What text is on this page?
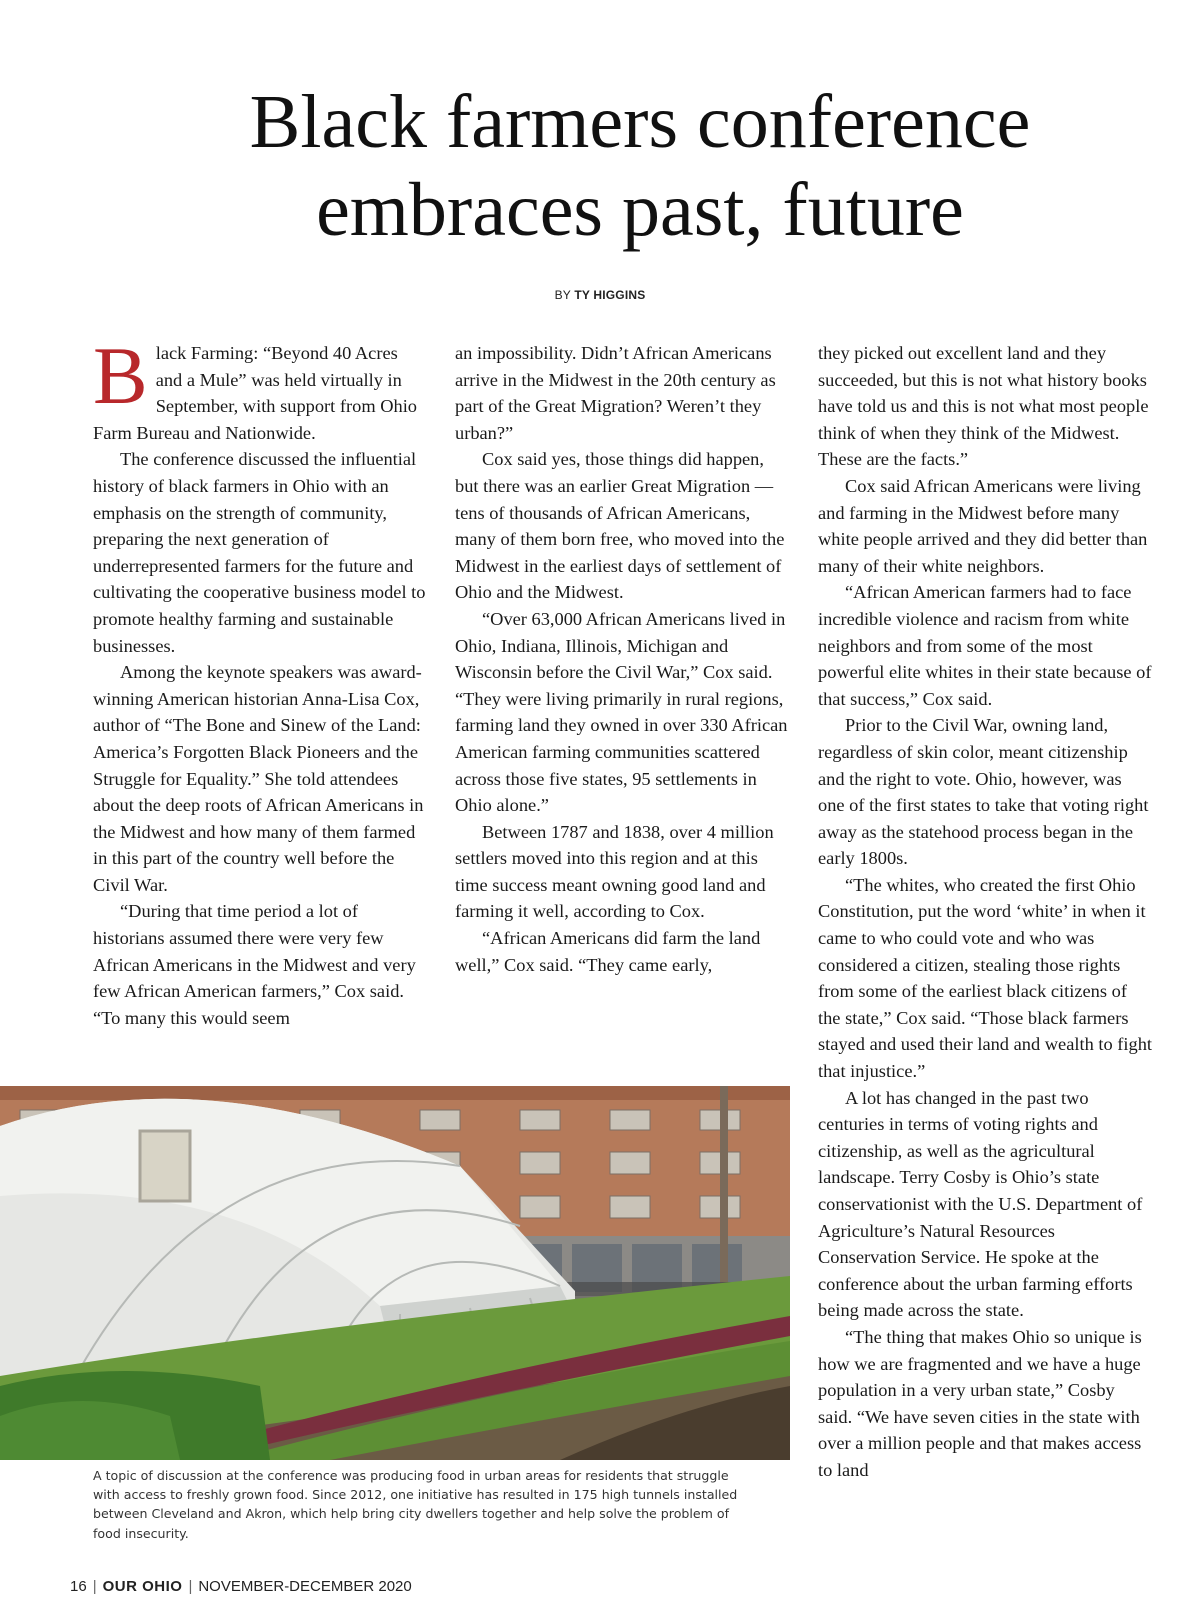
Black farmers conference
embraces past, future
BY TY HIGGINS

Black Farming: “Beyond 40 Acres and a Mule” was held virtually in September, with support from Ohio Farm Bureau and Nationwide.

The conference discussed the influential history of black farmers in Ohio with an emphasis on the strength of community, preparing the next generation of underrepresented farmers for the future and cultivating the cooperative business model to promote healthy farming and sustainable businesses.

Among the keynote speakers was award-winning American historian Anna-Lisa Cox, author of “The Bone and Sinew of the Land: America’s Forgotten Black Pioneers and the Struggle for Equality.” She told attendees about the deep roots of African Americans in the Midwest and how many of them farmed in this part of the country well before the Civil War.

“During that time period a lot of historians assumed there were very few African Americans in the Midwest and very few African American farmers,” Cox said. “To many this would seem

an impossibility. Didn’t African Americans arrive in the Midwest in the 20th century as part of the Great Migration? Weren’t they urban?”

Cox said yes, those things did happen, but there was an earlier Great Migration — tens of thousands of African Americans, many of them born free, who moved into the Midwest in the earliest days of settlement of Ohio and the Midwest.

“Over 63,000 African Americans lived in Ohio, Indiana, Illinois, Michigan and Wisconsin before the Civil War,” Cox said. “They were living primarily in rural regions, farming land they owned in over 330 African American farming communities scattered across those five states, 95 settlements in Ohio alone.”

Between 1787 and 1838, over 4 million settlers moved into this region and at this time success meant owning good land and farming it well, according to Cox.

“African Americans did farm the land well,” Cox said. “They came early,

they picked out excellent land and they succeeded, but this is not what history books have told us and this is not what most people think of when they think of the Midwest. These are the facts.”

Cox said African Americans were living and farming in the Midwest before many white people arrived and they did better than many of their white neighbors.

“African American farmers had to face incredible violence and racism from white neighbors and from some of the most powerful elite whites in their state because of that success,” Cox said.

Prior to the Civil War, owning land, regardless of skin color, meant citizenship and the right to vote. Ohio, however, was one of the first states to take that voting right away as the statehood process began in the early 1800s.

“The whites, who created the first Ohio Constitution, put the word ‘white’ in when it came to who could vote and who was considered a citizen, stealing those rights from some of the earliest black citizens of the state,” Cox said. “Those black farmers stayed and used their land and wealth to fight that injustice.”

A lot has changed in the past two centuries in terms of voting rights and citizenship, as well as the agricultural landscape. Terry Cosby is Ohio’s state conservationist with the U.S. Department of Agriculture’s Natural Resources Conservation Service. He spoke at the conference about the urban farming efforts being made across the state.

“The thing that makes Ohio so unique is how we are fragmented and we have a huge population in a very urban state,” Cosby said. “We have seven cities in the state with over a million people and that makes access to land

A topic of discussion at the conference was producing food in urban areas for residents that struggle with access to freshly grown food. Since 2012, one initiative has resulted in 175 high tunnels installed between Cleveland and Akron, which help bring city dwellers together and help solve the problem of food insecurity.

16 | OUR OHIO | NOVEMBER-DECEMBER 2020
